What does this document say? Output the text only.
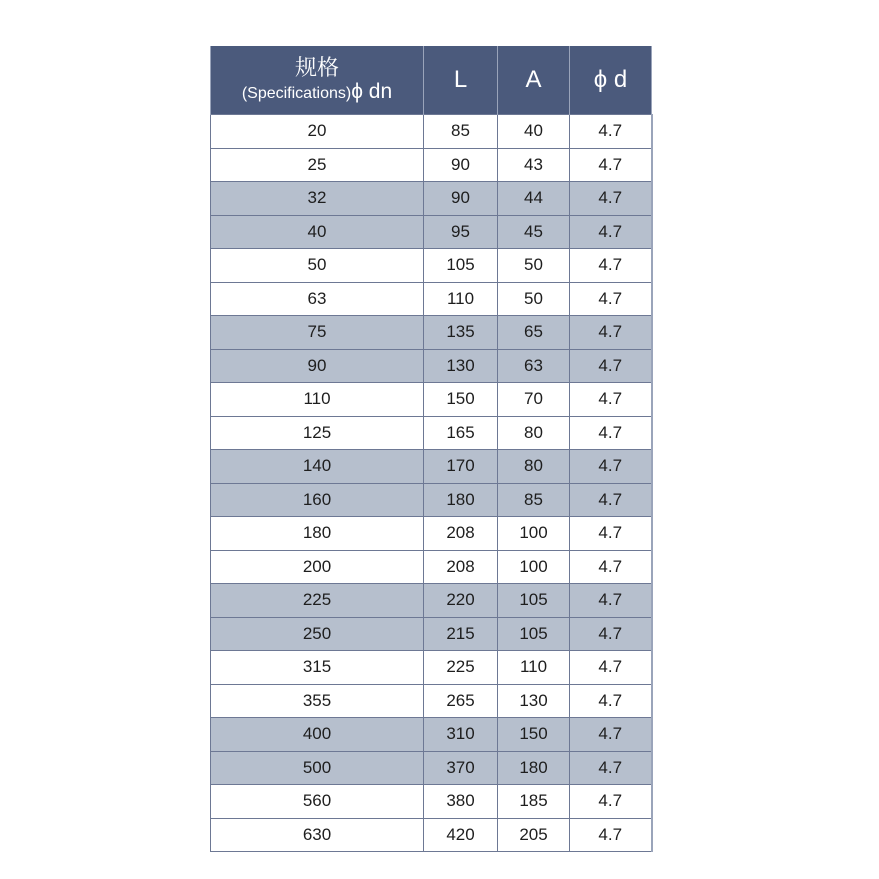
规格
(Specifications)ϕ dn	L	A	ϕ d
20	85	40	4.7
25	90	43	4.7
32	90	44	4.7
40	95	45	4.7
50	105	50	4.7
63	110	50	4.7
75	135	65	4.7
90	130	63	4.7
110	150	70	4.7
125	165	80	4.7
140	170	80	4.7
160	180	85	4.7
180	208	100	4.7
200	208	100	4.7
225	220	105	4.7
250	215	105	4.7
315	225	110	4.7
355	265	130	4.7
400	310	150	4.7
500	370	180	4.7
560	380	185	4.7
630	420	205	4.7
